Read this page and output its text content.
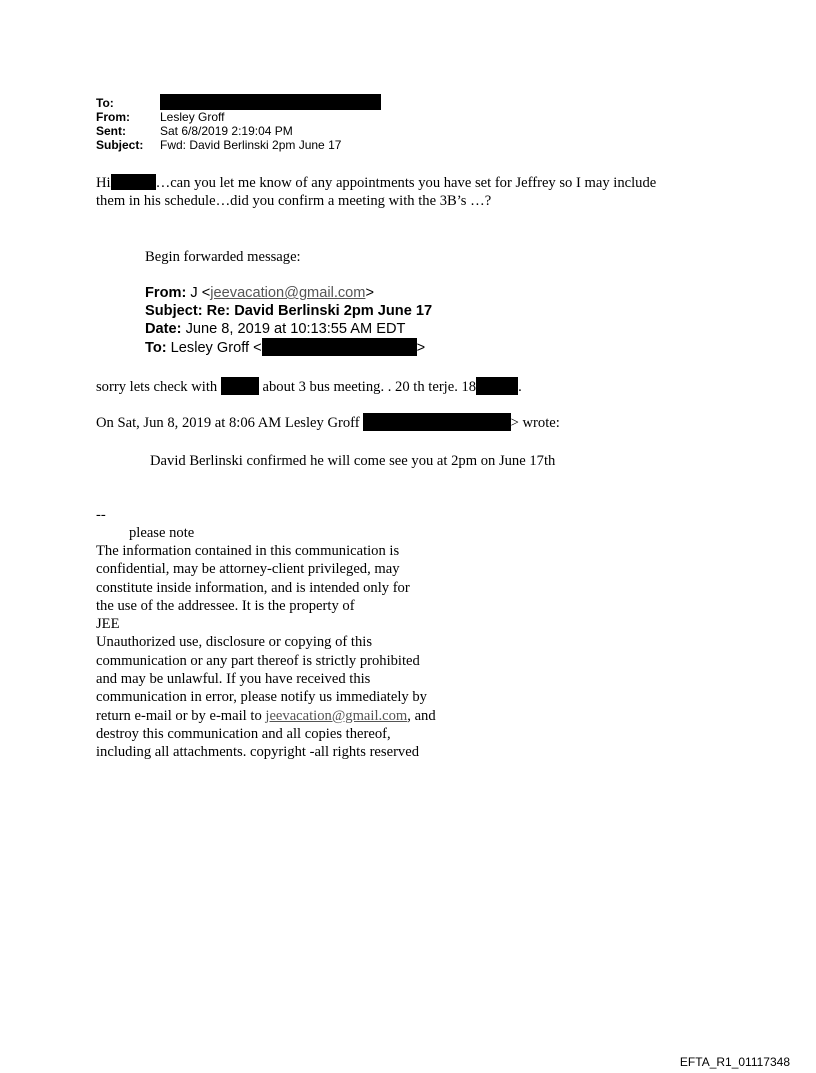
To:
From:	Lesley Groff
Sent:	Sat 6/8/2019 2:19:04 PM
Subject: Fwd: David Berlinski 2pm June 17
Hi	…can you let me know of any appointments you have set for Jeffrey so I may include
them in his schedule…did you confirm a meeting with the 3B’s …?
Begin forwarded message:
From: J <jeevacation@gmail.com>
Subject: Re: David Berlinski 2pm June 17
Date: June 8, 2019 at 10:13:55 AM EDT
To: Lesley Groff <	>
sorry lets check with	about 3 bus meeting. . 20 th terje. 18	.
On Sat, Jun 8, 2019 at 8:06 AM Lesley Groff	> wrote:
David Berlinski confirmed he will come see you at 2pm on June 17th
--
please note
The information contained in this communication is
confidential, may be attorney-client privileged, may
constitute inside information, and is intended only for
the use of the addressee. It is the property of
JEE
Unauthorized use, disclosure or copying of this
communication or any part thereof is strictly prohibited
and may be unlawful. If you have received this
communication in error, please notify us immediately by
return e-mail or by e-mail to jeevacation@gmail.com, and
destroy this communication and all copies thereof,
including all attachments. copyright -all rights reserved
EFTA_R1_01117348
